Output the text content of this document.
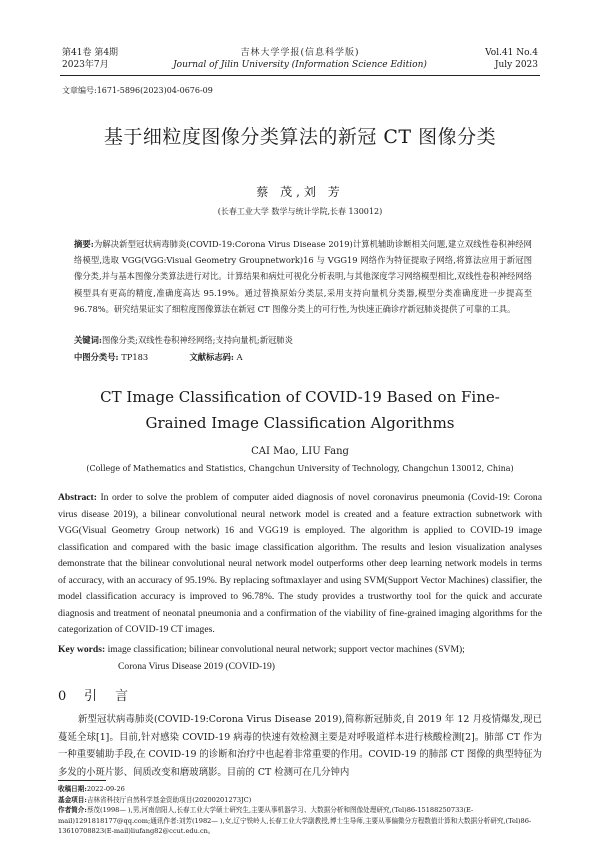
第41卷 第4期
2023年7月
吉林大学学报(信息科学版)
Journal of Jilin University (Information Science Edition)
Vol.41 No.4
July 2023
文章编号:1671-5896(2023)04-0676-09
基于细粒度图像分类算法的新冠 CT 图像分类
蔡 茂,刘 芳
(长春工业大学 数学与统计学院,长春 130012)
摘要:为解决新型冠状病毒肺炎(COVID-19:Corona Virus Disease 2019)计算机辅助诊断相关问题,建立双线性卷积神经网络模型,选取 VGG(VGG:Visual Geometry Groupnetwork)16 与 VGG19 网络作为特征提取子网络,将算法应用于新冠图像分类,并与基本图像分类算法进行对比。计算结果和病灶可视化分析表明,与其他深度学习网络模型相比,双线性卷积神经网络模型具有更高的精度,准确度高达 95.19%。通过替换原始分类层,采用支持向量机分类器,模型分类准确度进一步提高至 96.78%。研究结果证实了细粒度图像算法在新冠 CT 图像分类上的可行性,为快速正确诊疗新冠肺炎提供了可靠的工具。
关键词:图像分类;双线性卷积神经网络;支持向量机;新冠肺炎
中图分类号: TP183	文献标志码: A
CT Image Classification of COVID-19 Based on Fine-Grained Image Classification Algorithms
CAI Mao, LIU Fang
(College of Mathematics and Statistics, Changchun University of Technology, Changchun 130012, China)
Abstract: In order to solve the problem of computer aided diagnosis of novel coronavirus pneumonia (Covid-19: Corona virus disease 2019), a bilinear convolutional neural network model is created and a feature extraction subnetwork with VGG(Visual Geometry Group network) 16 and VGG19 is employed. The algorithm is applied to COVID-19 image classification and compared with the basic image classification algorithm. The results and lesion visualization analyses demonstrate that the bilinear convolutional neural network model outperforms other deep learning network models in terms of accuracy, with an accuracy of 95.19%. By replacing softmaxlayer and using SVM(Support Vector Machines) classifier, the model classification accuracy is improved to 96.78%. The study provides a trustworthy tool for the quick and accurate diagnosis and treatment of neonatal pneumonia and a confirmation of the viability of fine-grained imaging algorithms for the categorization of COVID-19 CT images.
Key words: image classification; bilinear convolutional neural network; support vector machines (SVM);
Corona Virus Disease 2019 (COVID-19)
0 引言
新型冠状病毒肺炎(COVID-19:Corona Virus Disease 2019),简称新冠肺炎,自 2019 年 12 月疫情爆发,现已蔓延全球[1]。目前,针对感染 COVID-19 病毒的快速有效检测主要是对呼吸道样本进行核酸检测[2]。肺部 CT 作为一种重要辅助手段,在 COVID-19 的诊断和治疗中也起着非常重要的作用。COVID-19 的肺部 CT 图像的典型特征为多发的小斑片影、间质改变和磨玻璃影。目前的 CT 检测可在几分钟内
收稿日期:2022-09-26
基金项目:吉林省科技厅自然科学基金资助项目(20200201273JC)
作者简介:蔡茂(1998— ),男,河南信阳人,长春工业大学硕士研究生,主要从事机器学习、大数据分析和图像处理研究,(Tel)86-15188250733(E-mail)1291818177@qq.com;通讯作者:刘芳(1982— ),女,辽宁铁岭人,长春工业大学副教授,博士生导师,主要从事偏微分方程数值计算和大数据分析研究,(Tel)86-13610708823(E-mail)liufang82@ccut.edu.cn。
